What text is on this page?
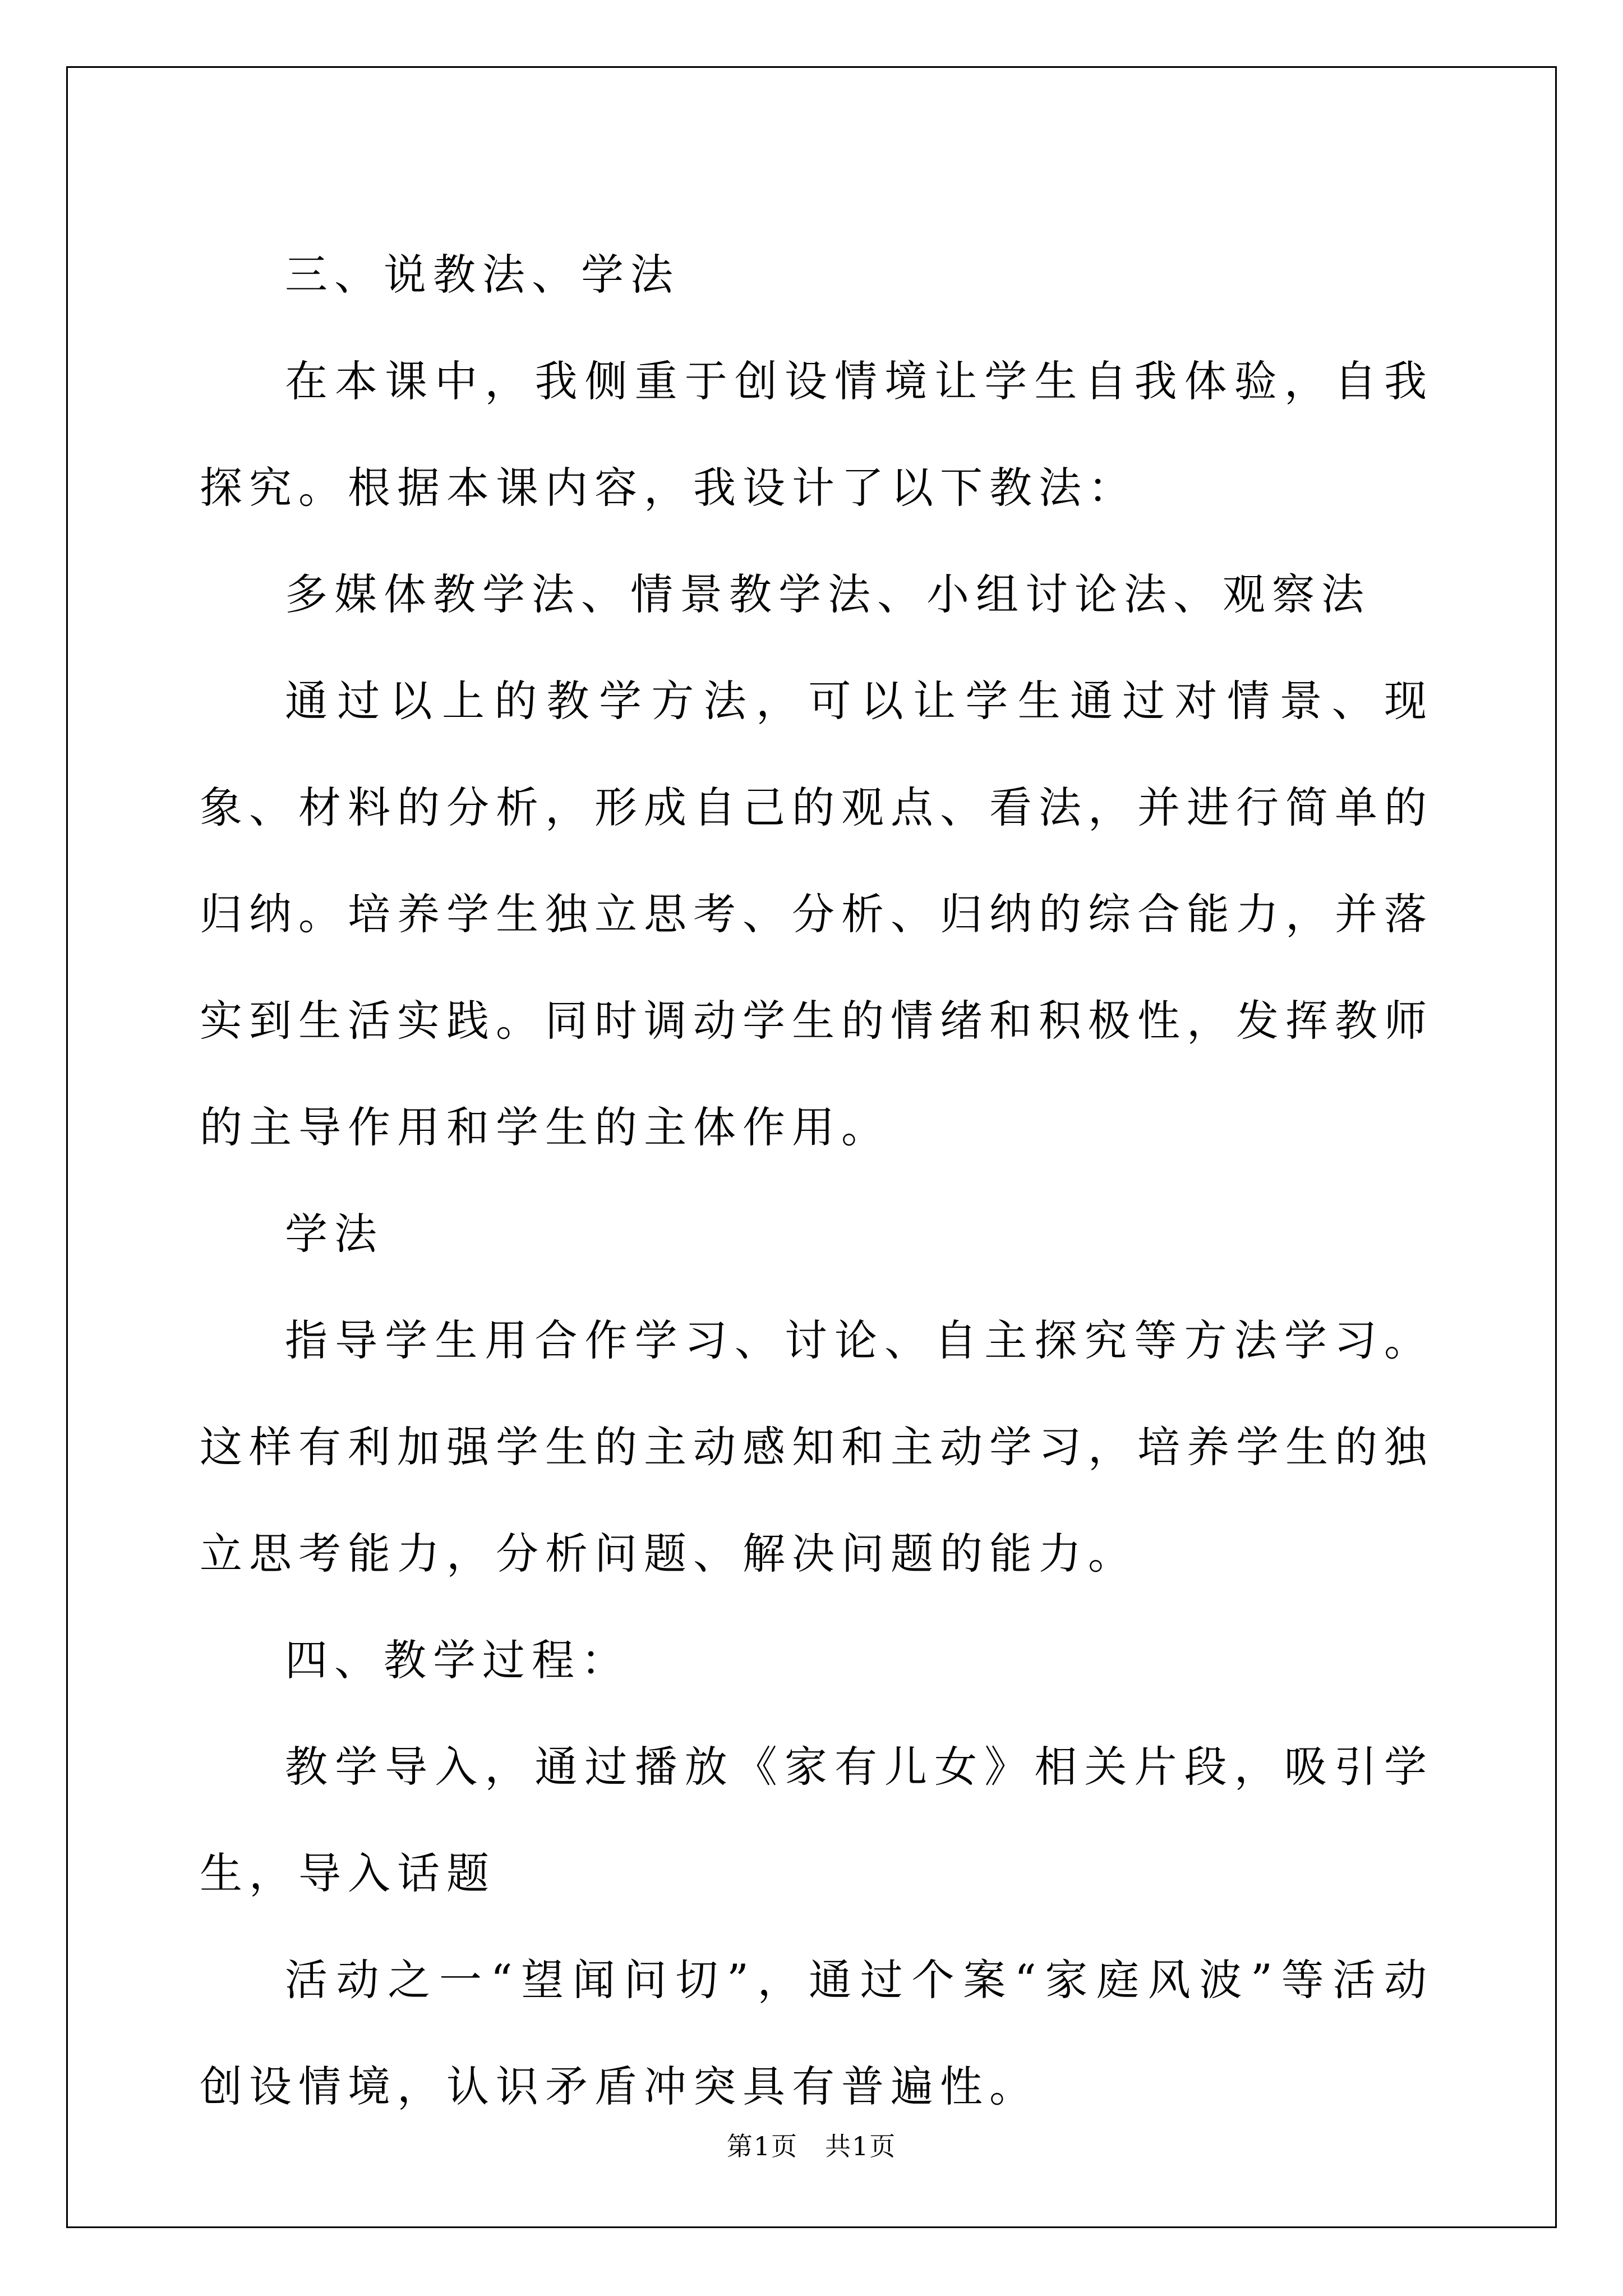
三、说教法、学法

在本课中，我侧重于创设情境让学生自我体验，自我探究。根据本课内容，我设计了以下教法：

多媒体教学法、情景教学法、小组讨论法、观察法

通过以上的教学方法，可以让学生通过对情景、现象、材料的分析，形成自己的观点、看法，并进行简单的归纳。培养学生独立思考、分析、归纳的综合能力，并落实到生活实践。同时调动学生的情绪和积极性，发挥教师的主导作用和学生的主体作用。

学法

指导学生用合作学习、讨论、自主探究等方法学习。这样有利加强学生的主动感知和主动学习，培养学生的独立思考能力，分析问题、解决问题的能力。

四、教学过程：

教学导入，通过播放《家有儿女》相关片段，吸引学生，导入话题

活动之一“望闻问切”，通过个案“家庭风波”等活动创设情境，认识矛盾冲突具有普遍性。

第1页　共1页
